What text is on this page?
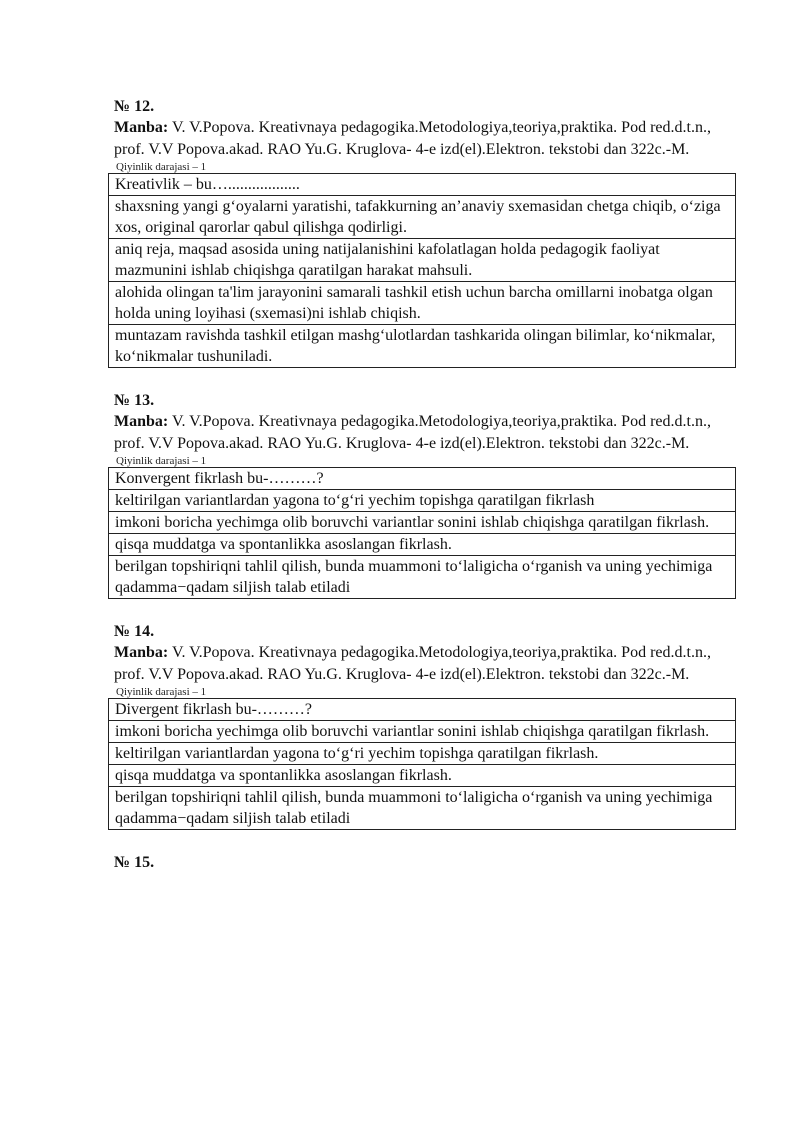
№ 12.
Manba: V. V.Popova. Kreativnaya pedagogika.Metodologiya,teoriya,praktika. Pod red.d.t.n., prof. V.V Popova.akad. RAO Yu.G. Kruglova- 4-e izd(el).Elektron. tekstobi dan 322c.-M.
Qiyinlik darajasi – 1
Kreativlik – bu…..................
shaxsning yangi g‘oyalarni yaratishi, tafakkurning an’anaviy sxemasidan chetga chiqib, o‘ziga xos, original qarorlar qabul qilishga qodirligi.
aniq reja, maqsad asosida uning natijalanishini kafolatlagan holda pedagogik faoliyat mazmunini ishlab chiqishga qaratilgan harakat mahsuli.
alohida olingan ta'lim jarayonini samarali tashkil etish uchun barcha omillarni inobatga olgan holda uning loyihasi (sxemasi)ni ishlab chiqish.
muntazam ravishda tashkil etilgan mashg‘ulotlardan tashkarida olingan bilimlar, ko‘nikmalar, ko‘nikmalar tushuniladi.
№ 13.
Manba: V. V.Popova. Kreativnaya pedagogika.Metodologiya,teoriya,praktika. Pod red.d.t.n., prof. V.V Popova.akad. RAO Yu.G. Kruglova- 4-e izd(el).Elektron. tekstobi dan 322c.-M.
Qiyinlik darajasi – 1
Konvergent fikrlash bu-………?
keltirilgan variantlardan yagona to‘g‘ri yechim topishga qaratilgan fikrlash
imkoni boricha yechimga olib boruvchi variantlar sonini ishlab chiqishga qaratilgan fikrlash.
qisqa muddatga va spontanlikka asoslangan fikrlash.
berilgan topshiriqni tahlil qilish, bunda muammoni to‘laligicha o‘rganish va uning yechimiga qadamma−qadam siljish talab etiladi
№ 14.
Manba: V. V.Popova. Kreativnaya pedagogika.Metodologiya,teoriya,praktika. Pod red.d.t.n., prof. V.V Popova.akad. RAO Yu.G. Kruglova- 4-e izd(el).Elektron. tekstobi dan 322c.-M.
Qiyinlik darajasi – 1
Divergent fikrlash bu-………?
imkoni boricha yechimga olib boruvchi variantlar sonini ishlab chiqishga qaratilgan fikrlash.
keltirilgan variantlardan yagona to‘g‘ri yechim topishga qaratilgan fikrlash.
qisqa muddatga va spontanlikka asoslangan fikrlash.
berilgan topshiriqni tahlil qilish, bunda muammoni to‘laligicha o‘rganish va uning yechimiga qadamma−qadam siljish talab etiladi
№ 15.
